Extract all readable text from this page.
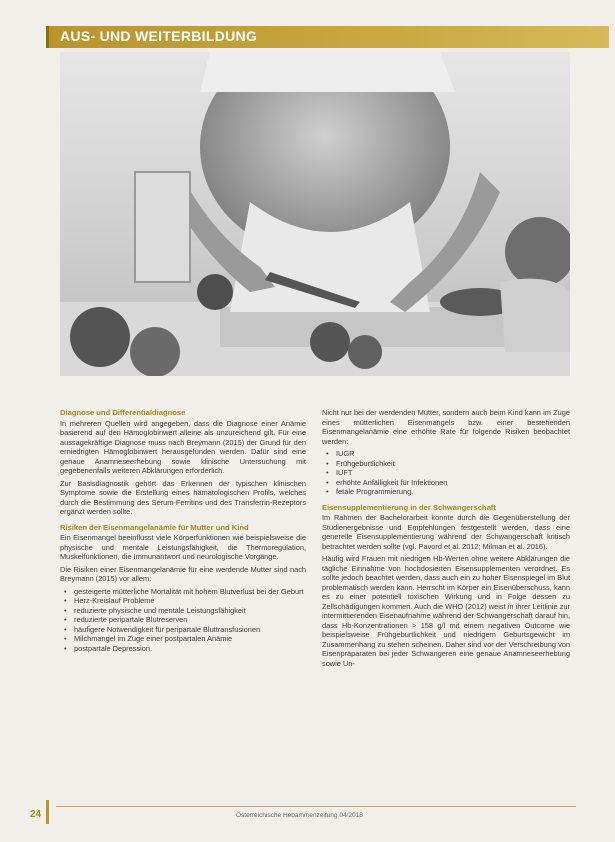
AUS- UND WEITERBILDUNG
Diagnose und Differentialdiagnose

In mehreren Quellen wird angegeben, dass die Diagnose einer Anämie basierend auf den Hämoglobinwert alleine als unzureichend gilt. Für eine aussagekräftige Diagnose muss nach Breymann (2015) der Grund für den erniedrigten Hämoglobinwert herausgefunden werden. Dafür sind eine genaue Anamneseerhebung sowie klinische Untersuchung mit gegebenenfalls weiteren Abklärungen erforderlich.

Zur Basisdiagnostik gehört das Erkennen der typischen klinischen Symptome sowie die Erstellung eines hämatologischen Profils, welches durch die Bestimmung des Serum-Ferritins und des Transferrin-Rezeptors ergänzt werden sollte.

Risiken der Eisenmangelanämie für Mutter und Kind

Ein Eisenmangel beeinflusst viele Körperfunktionen wie beispielsweise die physische und mentale Leistungsfähigkeit, die Thermoregulation, Muskelfunktionen, die Immunantwort und neurologische Vorgänge.

Die Risiken einer Eisenmangelanämie für eine werdende Mutter sind nach Breymann (2015) vor allem:

• gesteigerte mütterliche Mortalität mit hohem Blutverlust bei der Geburt
• Herz-Kreislauf Probleme
• reduzierte physische und mentale Leistungsfähigkeit
• reduzierte peripartale Blutreserven
• häufigere Notwendigkeit für peripartale Bluttransfusionen
• Milchmangel im Zuge einer postpartalen Anämie
• postpartale Depression.

Nicht nur bei der werdenden Mutter, sondern auch beim Kind kann im Zuge eines mütterlichen Eisenmangels bzw. einer bestehenden Eisenmangelanämie eine erhöhte Rate für folgende Risiken beobachtet werden:

• IUGR
• Frühgeburtlichkeit
• IUFT
• erhöhte Anfälligkeit für Infektionen
• fetale Programmierung.
Eisensupplementierung in der Schwangerschaft

Im Rahmen der Bachelorarbeit konnte durch die Gegenüberstellung der Studienergebnisse und Empfehlungen festgestellt werden, dass eine generelle Eisensupplementierung während der Schwangerschaft kritisch betrachtet werden sollte (vgl. Pavord et al. 2012; Milman et al. 2016).

Häufig wird Frauen mit niedrigen Hb-Werten ohne weitere Abklärungen die tägliche Einnahme von hochdosierten Eisensupplementen verordnet. Es sollte jedoch beachtet werden, dass auch ein zu hoher Eisenspiegel im Blut problematisch werden kann. Herrscht im Körper ein Eisenüberschuss, kann es zu einer potentiell toxischen Wirkung und in Folge dessen zu Zellschädigungen kommen. Auch die WHO (2012) weist in ihrer Leitlinie zur intermittierenden Eisenaufnahme während der Schwangerschaft darauf hin, dass Hb-Konzentrationen > 158 g/l mit einem negativen Outcome wie beispielsweise Frühgeburtlichkeit und niedrigem Geburtsgewicht im Zusammenhang zu stehen scheinen. Daher sind vor der Verschreibung von Eisenpräparaten bei jeder Schwangeren eine genaue Anamneseerhebung sowie Un-

24	Österreichische Hebammenzeitung 04/2018
